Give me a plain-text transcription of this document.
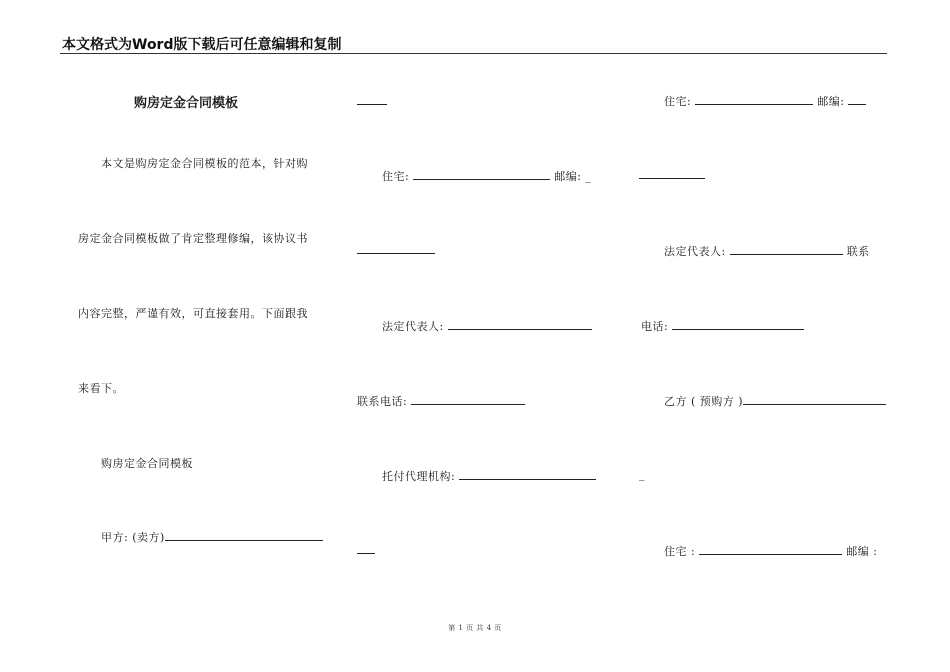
本文格式为Word版下载后可任意编辑和复制
购房定金合同模板
本文是购房定金合同模板的范本，针对购
房定金合同模板做了肯定整理修编，该协议书
内容完整，严谨有效，可直接套用。下面跟我
来看下。
购房定金合同模板
甲方: (卖方)
住宅:	邮编: _
法定代表人:
联系电话:
托付代理机构:
住宅:	邮编:
法定代表人:	联系
电话:
乙方 ( 预购方 )
_
住宅 :	邮编 :
第 1 页 共 4 页
